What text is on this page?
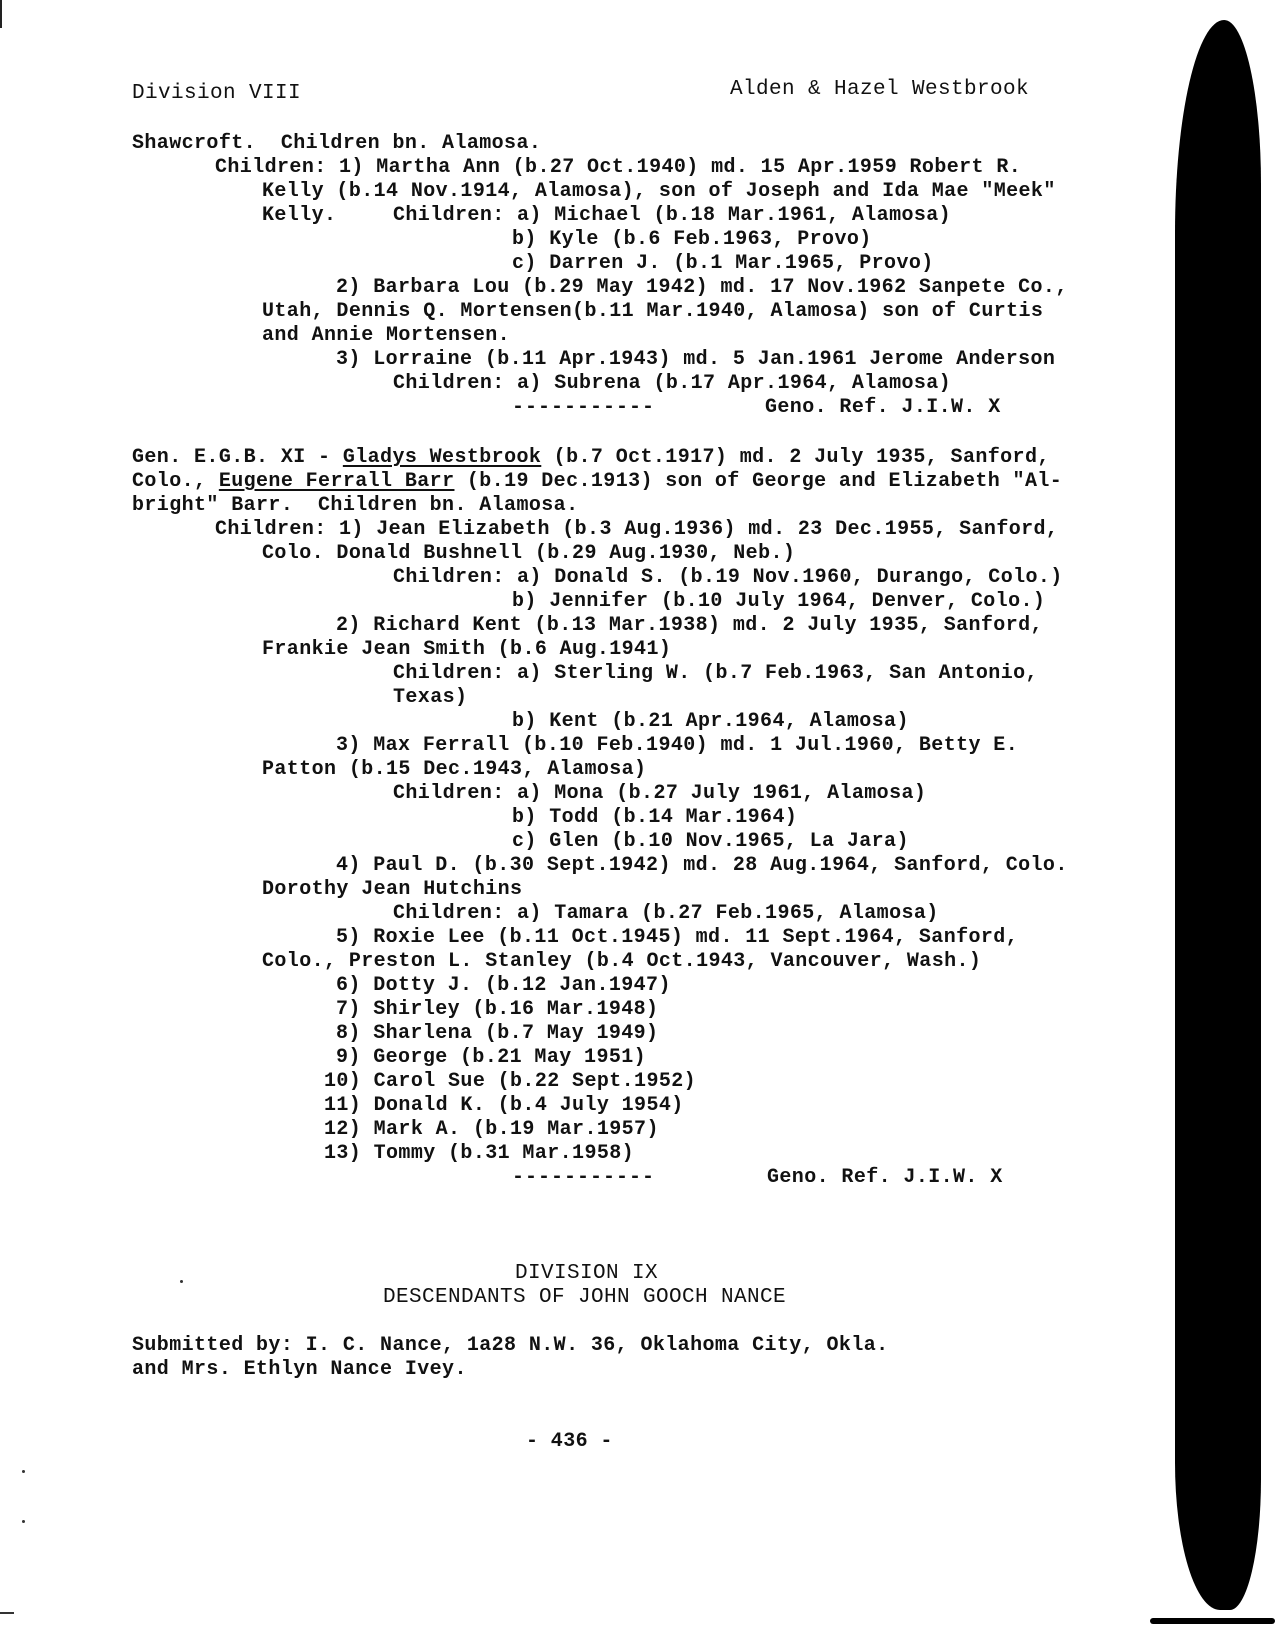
Division VIII	Alden & Hazel Westbrook
Shawcroft.  Children bn. Alamosa.
Children: 1) Martha Ann (b.27 Oct.1940) md. 15 Apr.1959 Robert R.
Kelly (b.14 Nov.1914, Alamosa), son of Joseph and Ida Mae "Meek"
Kelly.	Children: a) Michael (b.18 Mar.1961, Alamosa)
b) Kyle (b.6 Feb.1963, Provo)
c) Darren J. (b.1 Mar.1965, Provo)
2) Barbara Lou (b.29 May 1942) md. 17 Nov.1962 Sanpete Co.,
Utah, Dennis Q. Mortensen(b.11 Mar.1940, Alamosa) son of Curtis
and Annie Mortensen.
3) Lorraine (b.11 Apr.1943) md. 5 Jan.1961 Jerome Anderson
Children: a) Subrena (b.17 Apr.1964, Alamosa)
-----------	Geno. Ref. J.I.W. X
Gen. E.G.B. XI - Gladys Westbrook (b.7 Oct.1917) md. 2 July 1935, Sanford,
Colo., Eugene Ferrall Barr (b.19 Dec.1913) son of George and Elizabeth "Al-
bright" Barr.  Children bn. Alamosa.
Children: 1) Jean Elizabeth (b.3 Aug.1936) md. 23 Dec.1955, Sanford,
Colo. Donald Bushnell (b.29 Aug.1930, Neb.)
Children: a) Donald S. (b.19 Nov.1960, Durango, Colo.)
b) Jennifer (b.10 July 1964, Denver, Colo.)
2) Richard Kent (b.13 Mar.1938) md. 2 July 1935, Sanford,
Frankie Jean Smith (b.6 Aug.1941)
Children: a) Sterling W. (b.7 Feb.1963, San Antonio,
Texas)
b) Kent (b.21 Apr.1964, Alamosa)
3) Max Ferrall (b.10 Feb.1940) md. 1 Jul.1960, Betty E.
Patton (b.15 Dec.1943, Alamosa)
Children: a) Mona (b.27 July 1961, Alamosa)
b) Todd (b.14 Mar.1964)
c) Glen (b.10 Nov.1965, La Jara)
4) Paul D. (b.30 Sept.1942) md. 28 Aug.1964, Sanford, Colo.
Dorothy Jean Hutchins
Children: a) Tamara (b.27 Feb.1965, Alamosa)
5) Roxie Lee (b.11 Oct.1945) md. 11 Sept.1964, Sanford,
Colo., Preston L. Stanley (b.4 Oct.1943, Vancouver, Wash.)
6) Dotty J. (b.12 Jan.1947)
7) Shirley (b.16 Mar.1948)
8) Sharlena (b.7 May 1949)
9) George (b.21 May 1951)
10) Carol Sue (b.22 Sept.1952)
11) Donald K. (b.4 July 1954)
12) Mark A. (b.19 Mar.1957)
13) Tommy (b.31 Mar.1958)
-----------	Geno. Ref. J.I.W. X
DIVISION IX
DESCENDANTS OF JOHN GOOCH NANCE
Submitted by: I. C. Nance, 1a28 N.W. 36, Oklahoma City, Okla.
and Mrs. Ethlyn Nance Ivey.
- 436 -
